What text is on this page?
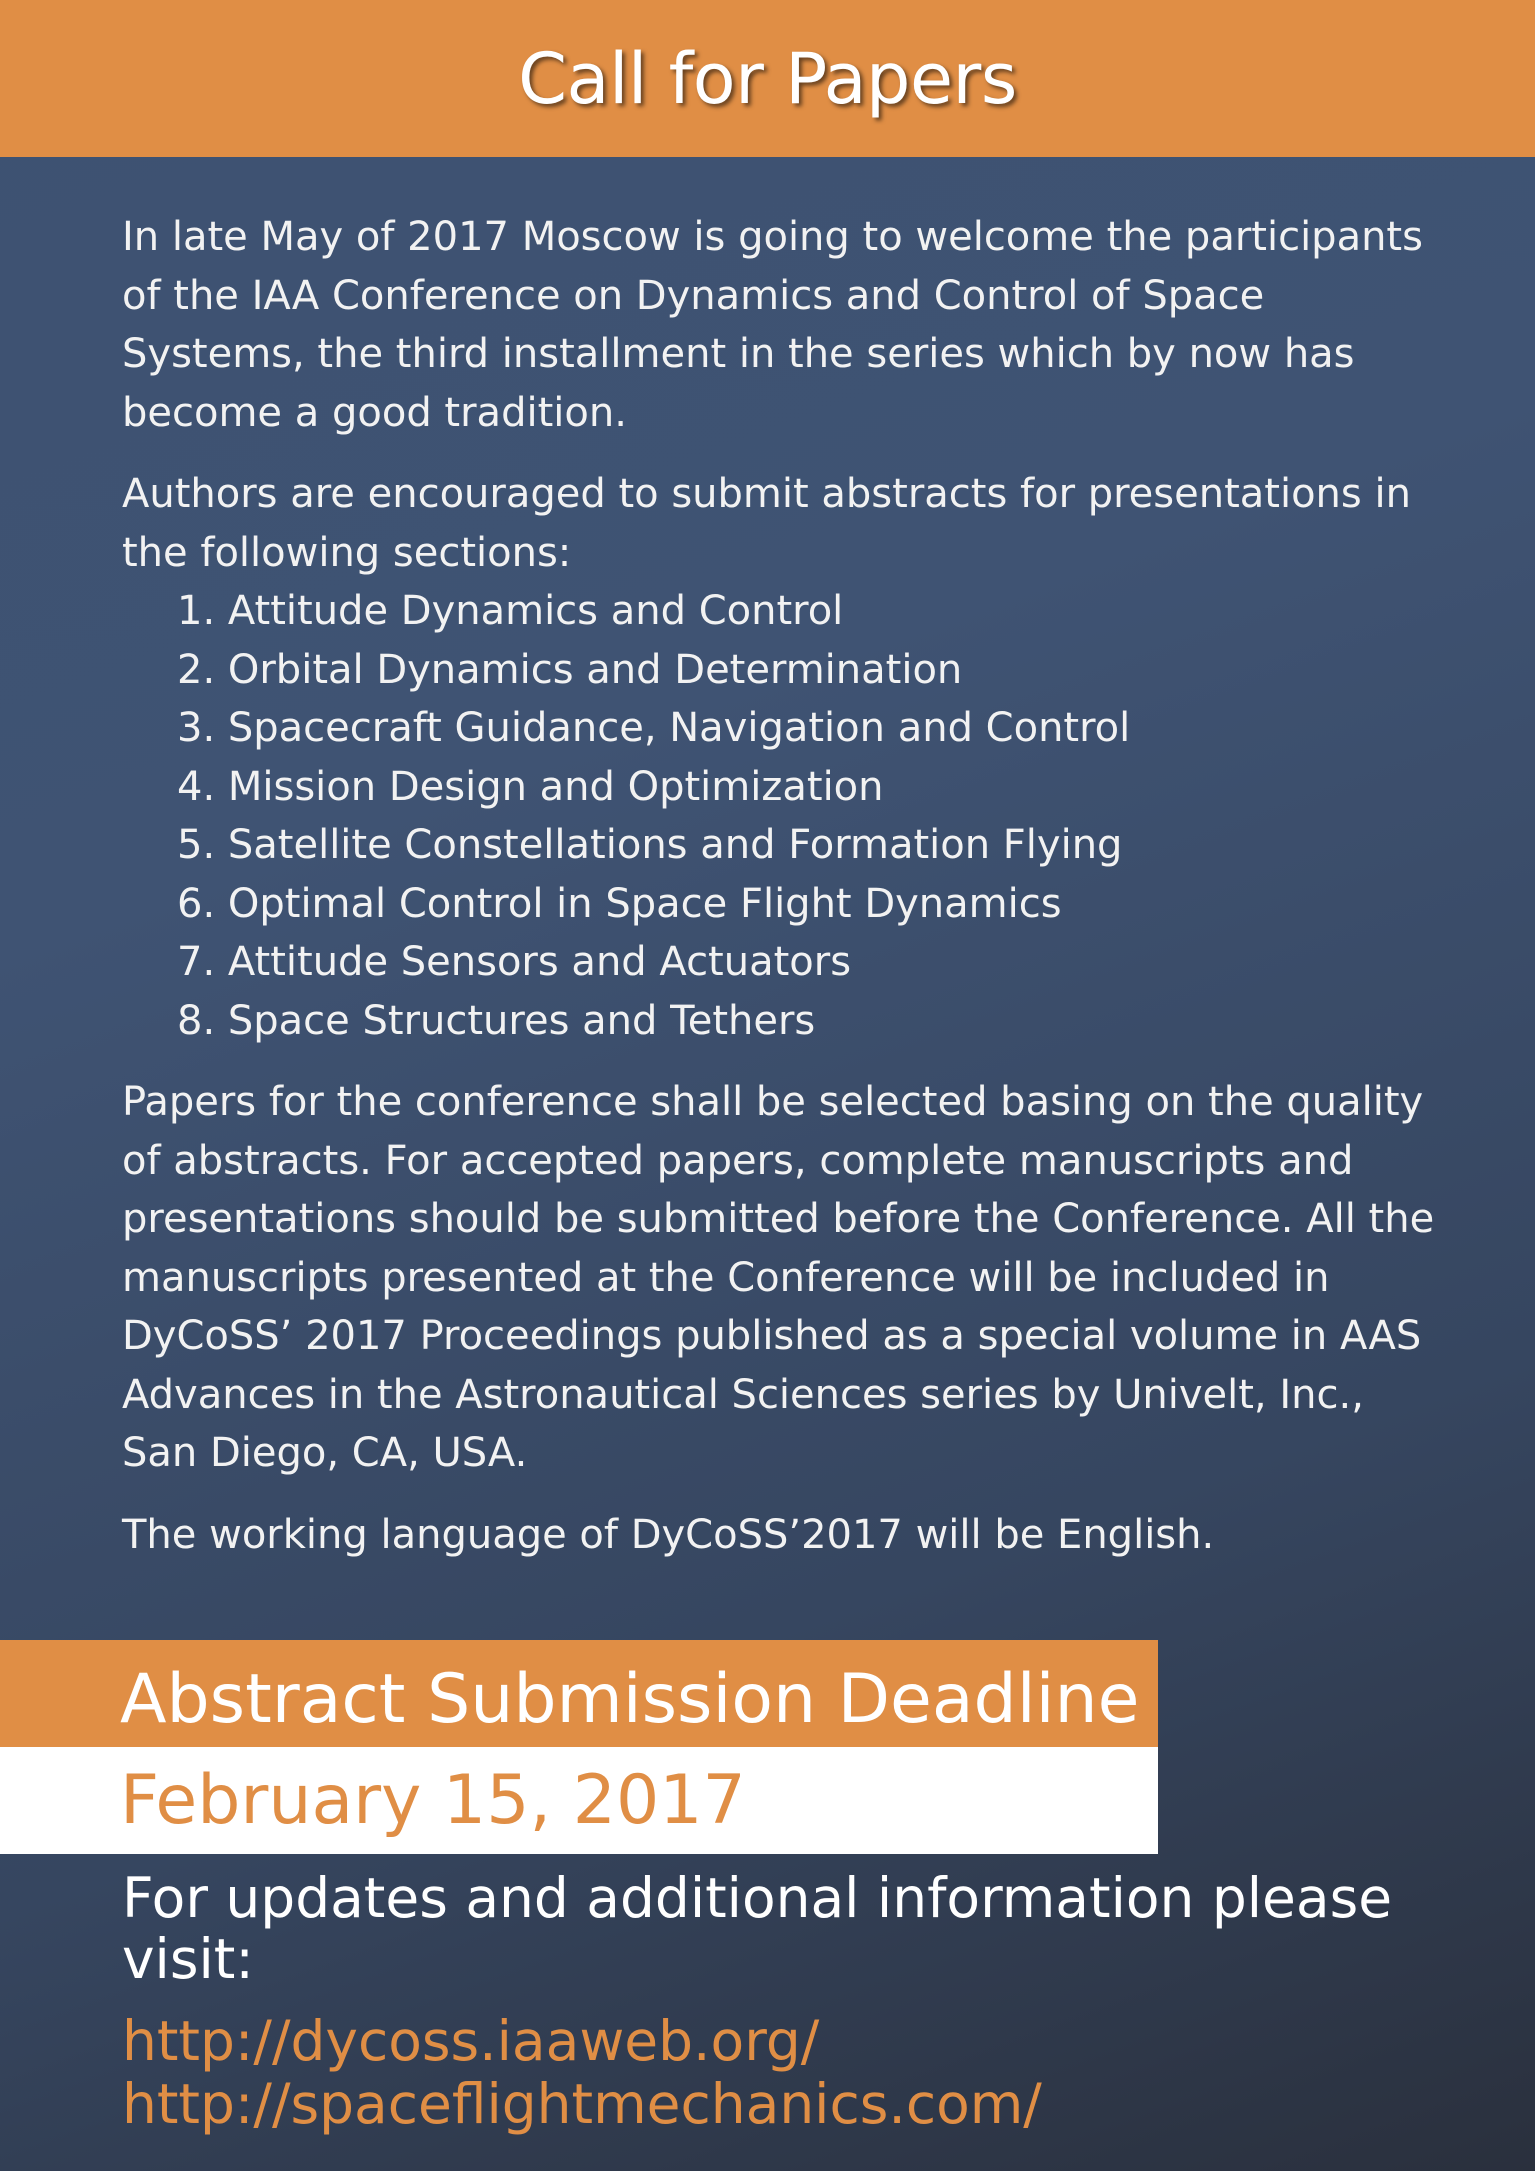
Call for Papers

In late May of 2017 Moscow is going to welcome the participants of the IAA Conference on Dynamics and Control of Space Systems, the third installment in the series which by now has become a good tradition.

Authors are encouraged to submit abstracts for presentations in the following sections:

1. Attitude Dynamics and Control
2. Orbital Dynamics and Determination
3. Spacecraft Guidance, Navigation and Control
4. Mission Design and Optimization
5. Satellite Constellations and Formation Flying
6. Optimal Control in Space Flight Dynamics
7. Attitude Sensors and Actuators
8. Space Structures and Tethers

Papers for the conference shall be selected basing on the quality of abstracts. For accepted papers, complete manuscripts and presentations should be submitted before the Conference. All the manuscripts presented at the Conference will be included in DyCoSS’ 2017 Proceedings published as a special volume in AAS Advances in the Astronautical Sciences series by Univelt, Inc., San Diego, CA, USA.

The working language of DyCoSS’2017 will be English.

Abstract Submission Deadline
February 15, 2017
For updates and additional information please visit:
http://dycoss.iaaweb.org/
http://spaceflightmechanics.com/
